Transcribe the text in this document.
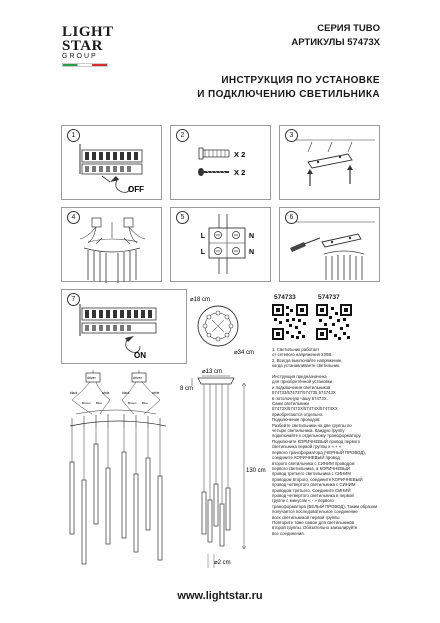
LIGHT
STAR
GROUP
СЕРИЯ TUBO
АРТИКУЛЫ 57473X
ИНСТРУКЦИЯ ПО УСТАНОВКЕ
И ПОДКЛЮЧЕНИЮ СВЕТИЛЬНИКА
1
OFF
2
X 2
X 2
3
4	5
L	N
L	N
6
7
ON
⌀18 cm
⌀34 cm
574733	574737
1. Светильник работает
от сетевого напряжения 230В.
2. Всегда выключайте напряжение,
когда устанавливаете светильник.
driver	driver
black	white	black	white
Brown Blue	Brown Blue
⌀13 cm
8 cm
130 cm
⌀2 cm
Инструкция предназначена
для приобретённой установки
и подключения светильников
574733/574737/574735 574743X
в потолочную чашу 57473X.
Сами светильники
57473X/57472X/57474X/57474XX
приобретаются отдельно.
Подключение проводов:
Разбейте светильники на две группы по
четыре светильника. Каждую группу
подключайте к отдельному трансформатору.
Подключите КОРИЧНЕВЫЙ провод первого
светильника первой группы к « + »
первого трансформатора (ЧЕРНЫЙ ПРОВОД),
соедините КОРИЧНЕВЫЙ провод
второго светильника с СИНИМ проводом
первого светильника, а КОРИЧНЕВЫЙ
провод третьего светильника с СИНИМ
проводом второго, соедините КОРИЧНЕВЫЙ
провод четвертого светильника с СИНИМ
проводом третьего. Соедините СИНИЙ
провод четвертого светильника в первой
группе с минусом « - » первого
трансформатора (БЕЛЫЙ ПРОВОД). Таким образом
получается последовательное соединение
всех светильников первой группы.
Повторите тоже самое для светильников
второй группы. Обязательно заизолируйте
все соединения.
www.lightstar.ru
